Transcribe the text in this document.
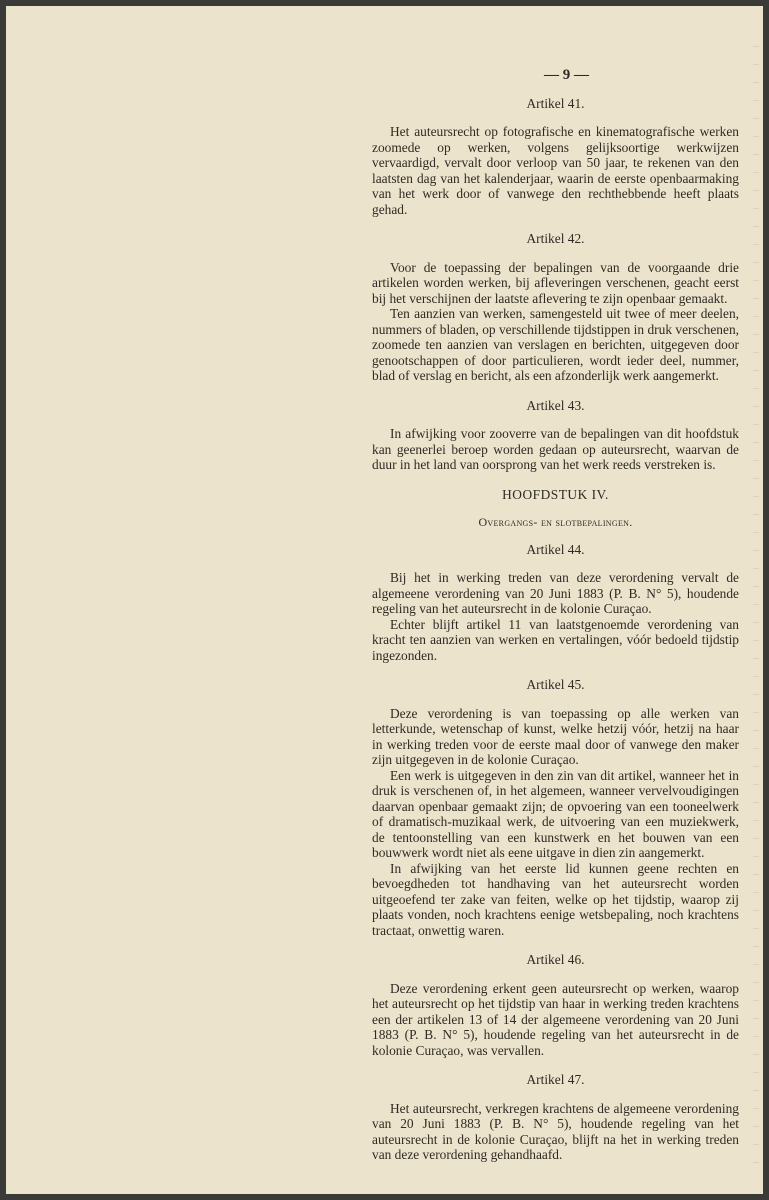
— 9 —
Artikel 41.

Het auteursrecht op fotografische en kinematografische werken zoomede op werken, volgens gelijksoortige werkwijzen vervaardigd, vervalt door verloop van 50 jaar, te rekenen van den laatsten dag van het kalenderjaar, waarin de eerste openbaarmaking van het werk door of vanwege den rechthebbende heeft plaats gehad.

Artikel 42.

Voor de toepassing der bepalingen van de voorgaande drie artikelen worden werken, bij afleveringen verschenen, geacht eerst bij het verschijnen der laatste aflevering te zijn openbaar gemaakt.

Ten aanzien van werken, samengesteld uit twee of meer deelen, nummers of bladen, op verschillende tijdstippen in druk verschenen, zoomede ten aanzien van verslagen en berichten, uitgegeven door genootschappen of door particulieren, wordt ieder deel, nummer, blad of verslag en bericht, als een afzonderlijk werk aangemerkt.

Artikel 43.

In afwijking voor zooverre van de bepalingen van dit hoofdstuk kan geenerlei beroep worden gedaan op auteursrecht, waarvan de duur in het land van oorsprong van het werk reeds verstreken is.

HOOFDSTUK IV.
Overgangs- en slotbepalingen.
Artikel 44.

Bij het in werking treden van deze verordening vervalt de algemeene verordening van 20 Juni 1883 (P. B. N° 5), houdende regeling van het auteursrecht in de kolonie Curaçao.

Echter blijft artikel 11 van laatstgenoemde verordening van kracht ten aanzien van werken en vertalingen, vóór bedoeld tijdstip ingezonden.

Artikel 45.

Deze verordening is van toepassing op alle werken van letterkunde, wetenschap of kunst, welke hetzij vóór, hetzij na haar in werking treden voor de eerste maal door of vanwege den maker zijn uitgegeven in de kolonie Curaçao.

Een werk is uitgegeven in den zin van dit artikel, wanneer het in druk is verschenen of, in het algemeen, wanneer vervelvoudigingen daarvan openbaar gemaakt zijn; de opvoering van een tooneelwerk of dramatisch-muzikaal werk, de uitvoering van een muziekwerk, de tentoonstelling van een kunstwerk en het bouwen van een bouwwerk wordt niet als eene uitgave in dien zin aangemerkt.

In afwijking van het eerste lid kunnen geene rechten en bevoegdheden tot handhaving van het auteursrecht worden uitgeoefend ter zake van feiten, welke op het tijdstip, waarop zij plaats vonden, noch krachtens eenige wetsbepaling, noch krachtens tractaat, onwettig waren.

Artikel 46.

Deze verordening erkent geen auteursrecht op werken, waarop het auteursrecht op het tijdstip van haar in werking treden krachtens een der artikelen 13 of 14 der algemeene verordening van 20 Juni 1883 (P. B. N° 5), houdende regeling van het auteursrecht in de kolonie Curaçao, was vervallen.

Artikel 47.

Het auteursrecht, verkregen krachtens de algemeene verordening van 20 Juni 1883 (P. B. N° 5), houdende regeling van het auteursrecht in de kolonie Curaçao, blijft na het in werking treden van deze verordening gehandhaafd.
